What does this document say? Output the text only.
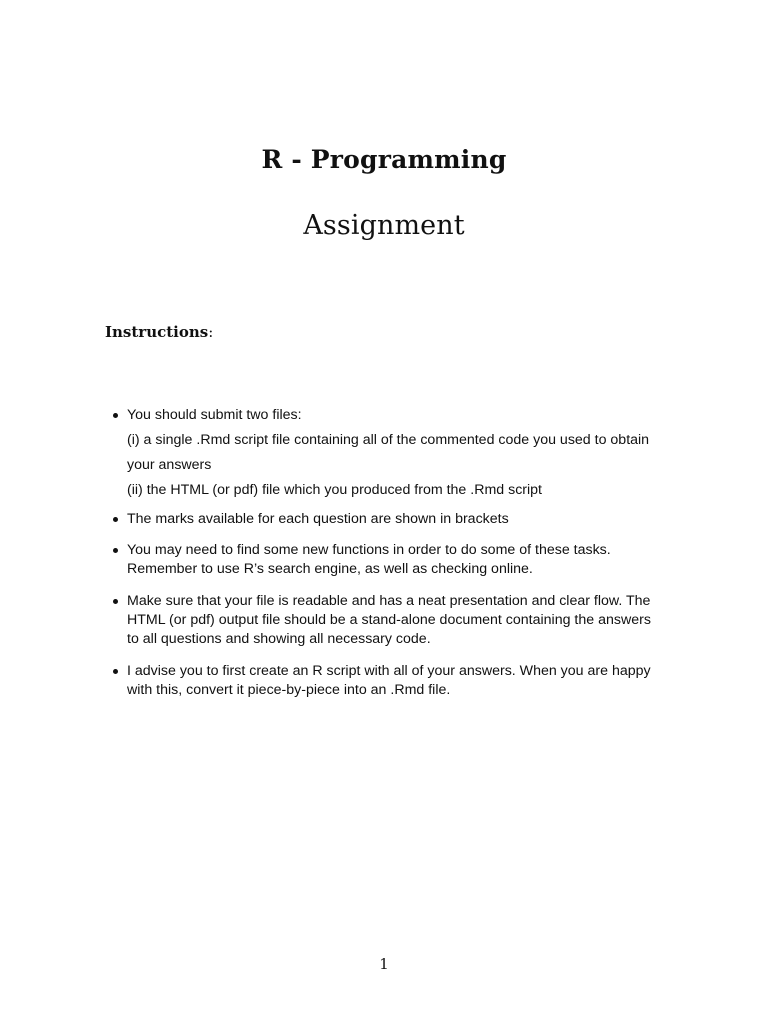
R - Programming
Assignment
Instructions:
You should submit two files:
(i) a single .Rmd script file containing all of the commented code you used to obtain
your answers
(ii) the HTML (or pdf) file which you produced from the .Rmd script
The marks available for each question are shown in brackets
You may need to find some new functions in order to do some of these tasks.
Remember to use R’s search engine, as well as checking online.
Make sure that your file is readable and has a neat presentation and clear flow. The
HTML (or pdf) output file should be a stand-alone document containing the answers
to all questions and showing all necessary code.
I advise you to first create an R script with all of your answers. When you are happy
with this, convert it piece-by-piece into an .Rmd file.
1
